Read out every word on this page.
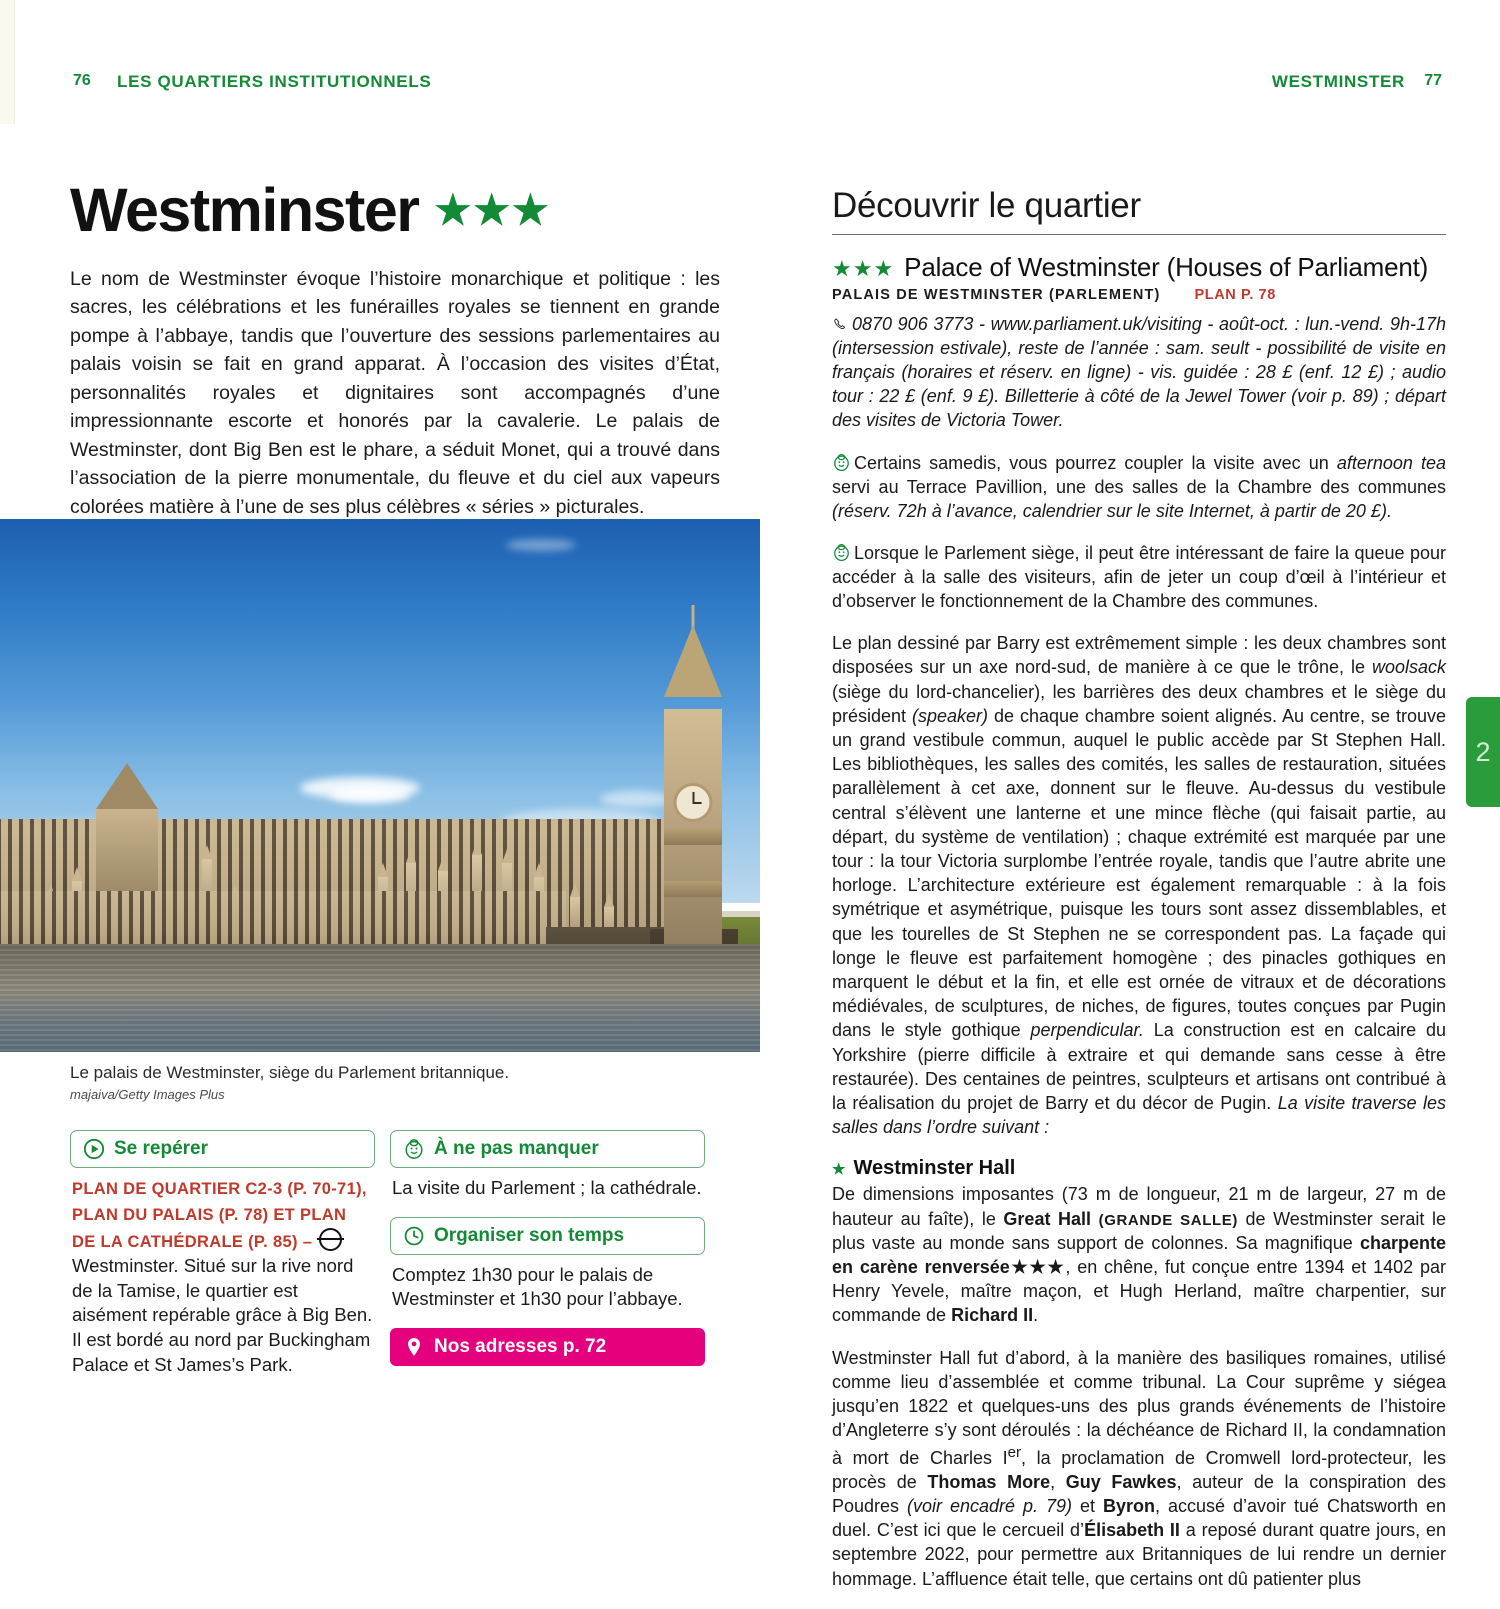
76 LES QUARTIERS INSTITUTIONNELS	WESTMINSTER 77
Westminster ★★★

Le nom de Westminster évoque l’histoire monarchique et politique : les sacres, les célébrations et les funérailles royales se tiennent en grande pompe à l’abbaye, tandis que l’ouverture des sessions parlementaires au palais voisin se fait en grand apparat. À l’occasion des visites d’État, personnalités royales et dignitaires sont accompagnés d’une impressionnante escorte et honorés par la cavalerie. Le palais de Westminster, dont Big Ben est le phare, a séduit Monet, qui a trouvé dans l’association de la pierre monumentale, du fleuve et du ciel aux vapeurs colorées matière à l’une de ses plus célèbres « séries » picturales.

Le palais de Westminster, siège du Parlement britannique.
majaiva/Getty Images Plus
Se repérer
PLAN DE QUARTIER C2-3 (P. 70-71), PLAN DU PALAIS (P. 78) ET PLAN DE LA CATHÉDRALE (P. 85) –  Westminster. Situé sur la rive nord de la Tamise, le quartier est aisément repérable grâce à Big Ben. Il est bordé au nord par Buckingham Palace et St James’s Park.
À ne pas manquer
La visite du Parlement ; la cathédrale.
Organiser son temps
Comptez 1h30 pour le palais de Westminster et 1h30 pour l’abbaye.
Nos adresses p. 72
Découvrir le quartier
★★★ Palace of Westminster (Houses of Parliament)
PALAIS DE WESTMINSTER (PARLEMENT) PLAN P. 78

0870 906 3773 - www.parliament.uk/visiting - août-oct. : lun.-vend. 9h-17h (intersession estivale), reste de l’année : sam. seult - possibilité de visite en français (horaires et réserv. en ligne) - vis. guidée : 28 £ (enf. 12 £) ; audio tour : 22 £ (enf. 9 £). Billetterie à côté de la Jewel Tower (voir p. 89) ; départ des visites de Victoria Tower.

Certains samedis, vous pourrez coupler la visite avec un afternoon tea servi au Terrace Pavillion, une des salles de la Chambre des communes (réserv. 72h à l’avance, calendrier sur le site Internet, à partir de 20 £).

Lorsque le Parlement siège, il peut être intéressant de faire la queue pour accéder à la salle des visiteurs, afin de jeter un coup d’œil à l’intérieur et d’observer le fonctionnement de la Chambre des communes.

Le plan dessiné par Barry est extrêmement simple : les deux chambres sont disposées sur un axe nord-sud, de manière à ce que le trône, le woolsack (siège du lord-chancelier), les barrières des deux chambres et le siège du président (speaker) de chaque chambre soient alignés. Au centre, se trouve un grand vestibule commun, auquel le public accède par St Stephen Hall. Les bibliothèques, les salles des comités, les salles de restauration, situées parallèlement à cet axe, donnent sur le fleuve. Au-dessus du vestibule central s’élèvent une lanterne et une mince flèche (qui faisait partie, au départ, du système de ventilation) ; chaque extrémité est marquée par une tour : la tour Victoria surplombe l’entrée royale, tandis que l’autre abrite une horloge. L’architecture extérieure est également remarquable : à la fois symétrique et asymétrique, puisque les tours sont assez dissemblables, et que les tourelles de St Stephen ne se correspondent pas. La façade qui longe le fleuve est parfaitement homogène ; des pinacles gothiques en marquent le début et la fin, et elle est ornée de vitraux et de décorations médiévales, de sculptures, de niches, de figures, toutes conçues par Pugin dans le style gothique perpendicular. La construction est en calcaire du Yorkshire (pierre difficile à extraire et qui demande sans cesse à être restaurée). Des centaines de peintres, sculpteurs et artisans ont contribué à la réalisation du projet de Barry et du décor de Pugin. La visite traverse les salles dans l’ordre suivant :

★ Westminster Hall

De dimensions imposantes (73 m de longueur, 21 m de largeur, 27 m de hauteur au faîte), le Great Hall (GRANDE SALLE) de Westminster serait le plus vaste au monde sans support de colonnes. Sa magnifique charpente en carène renversée★★★, en chêne, fut conçue entre 1394 et 1402 par Henry Yevele, maître maçon, et Hugh Herland, maître charpentier, sur commande de Richard II.

Westminster Hall fut d’abord, à la manière des basiliques romaines, utilisé comme lieu d’assemblée et comme tribunal. La Cour suprême y siégea jusqu’en 1822 et quelques-uns des plus grands événements de l’histoire d’Angleterre s’y sont déroulés : la déchéance de Richard II, la condamnation à mort de Charles Ier, la proclamation de Cromwell lord-protecteur, les procès de Thomas More, Guy Fawkes, auteur de la conspiration des Poudres (voir encadré p. 79) et Byron, accusé d’avoir tué Chatsworth en duel. C’est ici que le cercueil d’Élisabeth II a reposé durant quatre jours, en septembre 2022, pour permettre aux Britanniques de lui rendre un dernier hommage. L’affluence était telle, que certains ont dû patienter plus

2
